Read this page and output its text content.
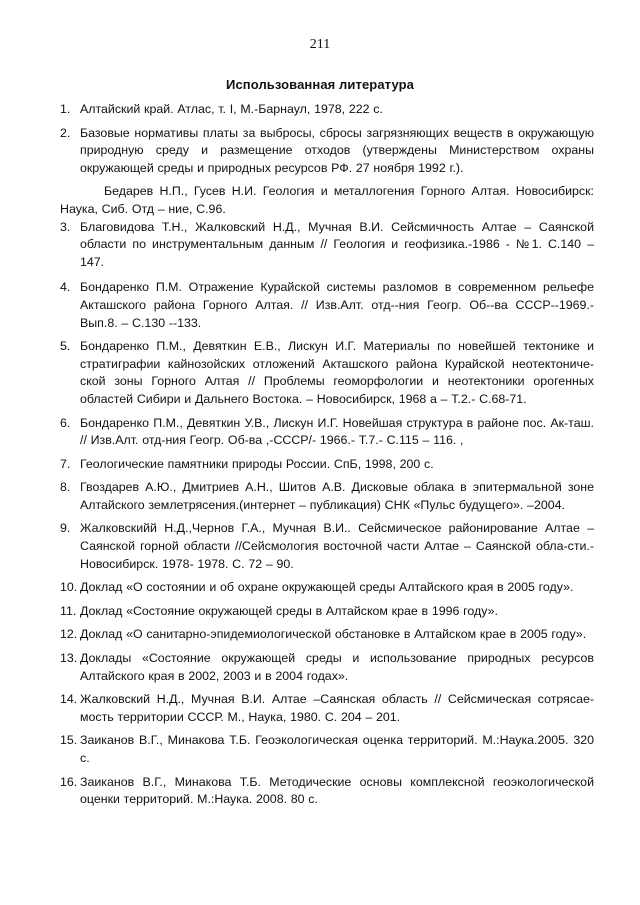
211
Использованная литература
1. Алтайский край. Атлас, т. I, М.-Барнаул, 1978, 222 с.
2. Базовые нормативы платы за выбросы, сбросы загрязняющих веществ в окружающую природную среду и размещение отходов (утверждены Министерством охраны окружающей среды и природных ресурсов РФ. 27 ноября 1992 г.).
Бедарев Н.П., Гусев Н.И. Геология и металлогения Горного Алтая. Новосибирск: Наука, Сиб. Отд – ние, С.96.
3. Благовидова Т.Н., Жалковский Н.Д., Мучная В.И. Сейсмичность Алтае – Саянской области по инструментальным данным // Геология и геофизика.-1986 - №1. С.140 – 147.
4. Бондаренко П.М. Отражение Курайской системы разломов в современном рельефе Акташского района Горного Алтая. // Изв.Алт. отд--ния Геогр. Об--ва СССР--1969.-Вып.8. – С.130 --133.
5. Бондаренко П.М., Девяткин Е.В., Лискун И.Г. Материалы по новейшей тектонике и стратиграфии кайнозойских отложений Акташского района Курайской неотектониче-ской зоны Горного Алтая // Проблемы геоморфологии и неотектоники орогенных областей Сибири и Дальнего Востока. – Новосибирск, 1968 а – Т.2.- С.68-71.
6. Бондаренко П.М., Девяткин У.В., Лискун И.Г. Новейшая структура в районе пос. Ак-таш. // Изв.Алт. отд-ния Геогр. Об-ва ,-СССР/- 1966.- Т.7.- С.115 – 116. ,
7. Геологические памятники природы России. СпБ, 1998, 200 с.
8. Гвоздарев А.Ю., Дмитриев А.Н., Шитов А.В. Дисковые облака в эпитермальной зоне Алтайского землетрясения.(интернет – публикация) СНК «Пульс будущего». –2004.
9. Жалковскийй Н.Д.,Чернов Г.А., Мучная В.И.. Сейсмическое районирование Алтае – Саянской горной области //Сейсмология восточной части Алтае – Саянской обла-сти.- Новосибирск. 1978- 1978. С. 72 – 90.
10. Доклад «О состоянии и об охране окружающей среды Алтайского края в 2005 году».
11. Доклад «Состояние окружающей среды в Алтайском крае в 1996 году».
12. Доклад «О санитарно-эпидемиологической обстановке в Алтайском крае в 2005 году».
13. Доклады «Состояние окружающей среды и использование природных ресурсов Алтайского края в 2002, 2003 и в 2004 годах».
14. Жалковский Н.Д., Мучная В.И. Алтае –Саянская область // Сейсмическая сотрясае-мость территории СССР. М., Наука, 1980. С. 204 – 201.
15. Заиканов В.Г., Минакова Т.Б. Геоэкологическая оценка территорий. М.:Наука.2005. 320 с.
16. Заиканов В.Г., Минакова Т.Б. Методические основы комплексной геоэкологической оценки территорий. М.:Наука. 2008. 80 с.
